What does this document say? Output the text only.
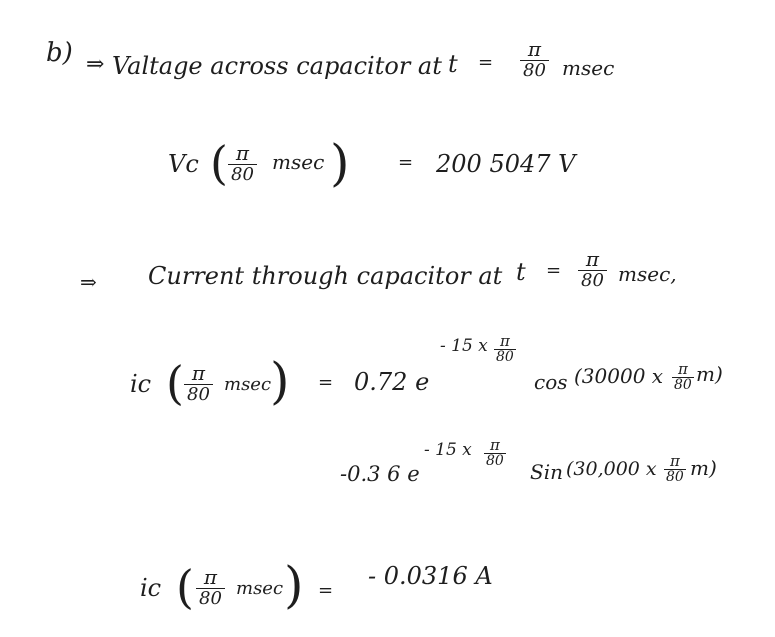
b) ⇒ Valtage across capacitor at $t = \frac{\pi}{80}$ msec
Vc ( $\frac{\pi}{80}$ msec )	= 200 5047 V
⇒ Current through capacitor at $t = \frac{\pi}{80} msec$,
ic ( $\frac{\pi}{80}$ msec
) = 0.72 e
- 15 x $\frac{\pi}{80}$
cos (30000 x $\frac{\pi}{80} m$)
-0.3 6 e
- 15 x $\frac{\pi}{80}$
Sin (30,000 x $\frac{\pi}{80} m$)
ic ( $\frac{\pi}{80}$ msec ) =
- 0.0316 A
